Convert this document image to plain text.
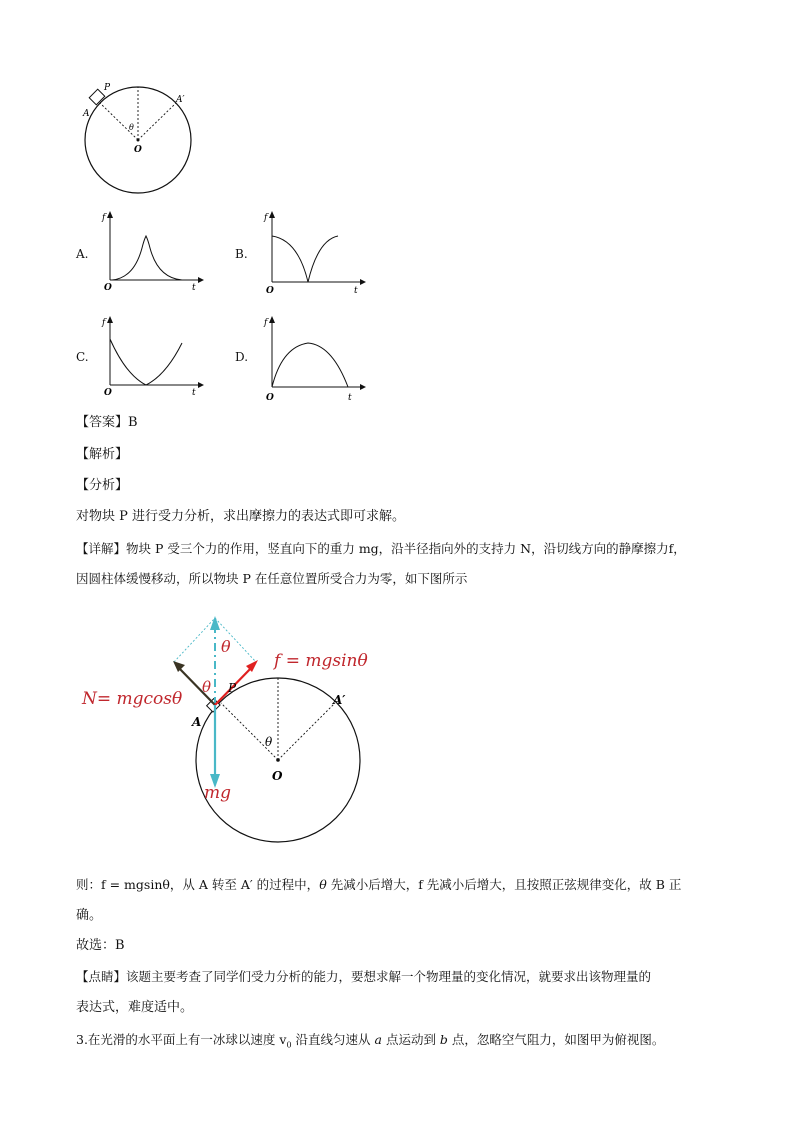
P
A
A′
θ
O
A.
f
t
O
B.
f
t
O
C.
f
t
O
D.
f
t
O
【答案】B
【解析】
【分析】
对物块 P 进行受力分析，求出摩擦力的表达式即可求解。
【详解】物块 P 受三个力的作用，竖直向下的重力 mg，沿半径指向外的支持力 N，沿切线方向的静摩擦力f，
因圆柱体缓慢移动，所以物块 P 在任意位置所受合力为零，如下图所示
θ
θ
f = mgsinθ
N= mgcosθ
mg
P
A
A′
θ
O
则：f = mgsinθ，从 A 转至 A′ 的过程中，θ 先减小后增大，f 先减小后增大，且按照正弦规律变化，故 B 正
确。
故选：B
【点睛】该题主要考查了同学们受力分析的能力，要想求解一个物理量的变化情况，就要求出该物理量的
表达式，难度适中。
3.在光滑的水平面上有一冰球以速度 $v_0$ 沿直线匀速从 a 点运动到 b 点，忽略空气阻力，如图甲为俯视图。
